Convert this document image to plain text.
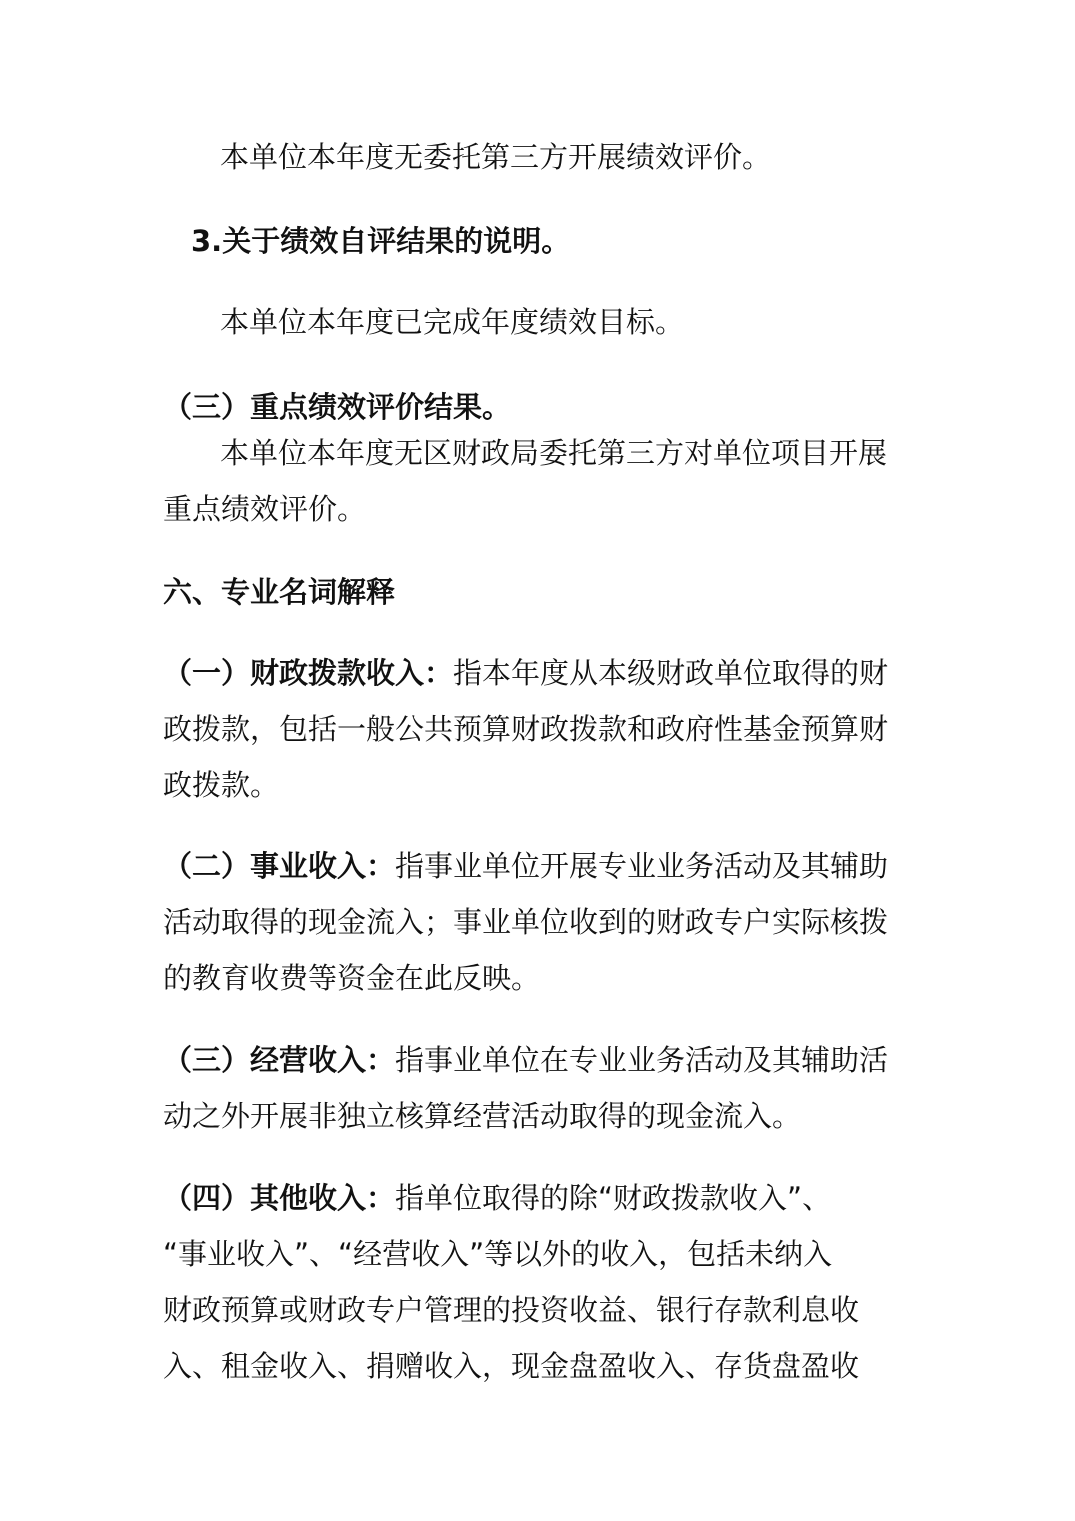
本单位本年度无委托第三方开展绩效评价。
3.关于绩效自评结果的说明。
本单位本年度已完成年度绩效目标。
（三）重点绩效评价结果。
本单位本年度无区财政局委托第三方对单位项目开展
重点绩效评价。
六、专业名词解释
（一）财政拨款收入：指本年度从本级财政单位取得的财
政拨款，包括一般公共预算财政拨款和政府性基金预算财
政拨款。
（二）事业收入：指事业单位开展专业业务活动及其辅助
活动取得的现金流入；事业单位收到的财政专户实际核拨
的教育收费等资金在此反映。
（三）经营收入：指事业单位在专业业务活动及其辅助活
动之外开展非独立核算经营活动取得的现金流入。
（四）其他收入：指单位取得的除“财政拨款收入”、
“事业收入”、“经营收入”等以外的收入，包括未纳入
财政预算或财政专户管理的投资收益、银行存款利息收
入、租金收入、捐赠收入，现金盘盈收入、存货盘盈收
